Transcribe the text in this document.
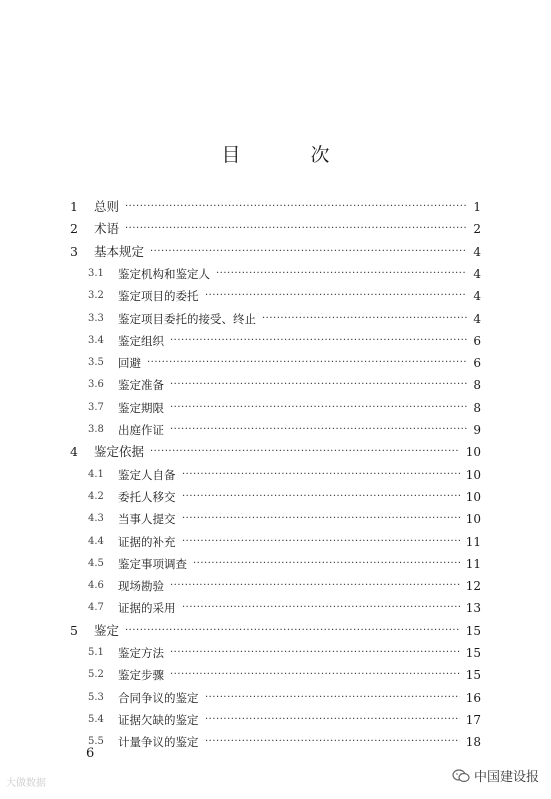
目 次
1 总则 ·····	1
2 术语 ·····	2
3 基本规定 ·····	4
3.1 鉴定机构和鉴定人 ·····	4
3.2 鉴定项目的委托 ·····	4
3.3 鉴定项目委托的接受、终止 ·····	4
3.4 鉴定组织 ·····	6
3.5 回避 ·····	6
3.6 鉴定准备 ·····	8
3.7 鉴定期限 ·····	8
3.8 出庭作证 ·····	9
4 鉴定依据 ·····	10
4.1 鉴定人自备 ·····	10
4.2 委托人移交 ·····	10
4.3 当事人提交 ·····	10
4.4 证据的补充 ·····	11
4.5 鉴定事项调查 ·····	11
4.6 现场勘验 ·····	12
4.7 证据的采用 ·····	13
5 鉴定 ·····	15
5.1 鉴定方法 ·····	15
5.2 鉴定步骤 ·····	15
5.3 合同争议的鉴定 ·····	16
5.4 证据欠缺的鉴定 ·····	17
5.5 计量争议的鉴定 ·····	18
6
大做数据	中国建设报
